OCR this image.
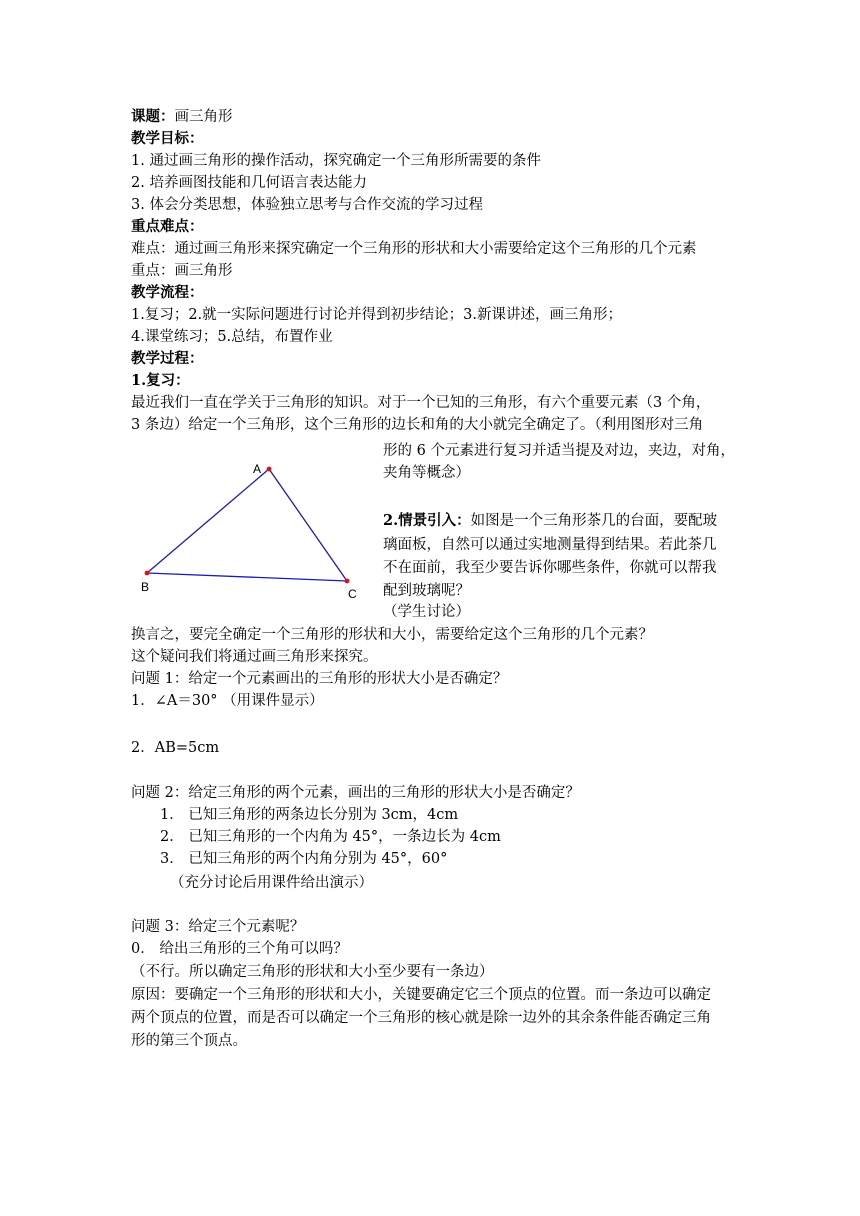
课题：画三角形
教学目标：
1. 通过画三角形的操作活动，探究确定一个三角形所需要的条件
2. 培养画图技能和几何语言表达能力
3. 体会分类思想，体验独立思考与合作交流的学习过程
重点难点：
难点：通过画三角形来探究确定一个三角形的形状和大小需要给定这个三角形的几个元素
重点：画三角形
教学流程：
1.复习；2.就一实际问题进行讨论并得到初步结论；3.新课讲述，画三角形；
4.课堂练习；5.总结，布置作业
教学过程：
1.复习：
最近我们一直在学关于三角形的知识。对于一个已知的三角形，有六个重要元素（3 个角，
3 条边）给定一个三角形，这个三角形的边长和角的大小就完全确定了。（利用图形对三角
形的 6 个元素进行复习并适当提及对边，夹边，对角，
夹角等概念）
2.情景引入：如图是一个三角形茶几的台面，要配玻
璃面板，自然可以通过实地测量得到结果。若此茶几
不在面前，我至少要告诉你哪些条件，你就可以帮我
配到玻璃呢？
（学生讨论）
A
B	C
换言之，要完全确定一个三角形的形状和大小，需要给定这个三角形的几个元素？
这个疑问我们将通过画三角形来探究。
问题 1：给定一个元素画出的三角形的形状大小是否确定？
1．∠A＝30° （用课件显示）
2．AB=5cm
问题 2：给定三角形的两个元素，画出的三角形的形状大小是否确定？
1． 已知三角形的两条边长分别为 3cm，4cm
2． 已知三角形的一个内角为 45°，一条边长为 4cm
3． 已知三角形的两个内角分别为 45°，60°
（充分讨论后用课件给出演示）
问题 3：给定三个元素呢？
0． 给出三角形的三个角可以吗？
（不行。所以确定三角形的形状和大小至少要有一条边）
原因：要确定一个三角形的形状和大小，关键要确定它三个顶点的位置。而一条边可以确定
两个顶点的位置，而是否可以确定一个三角形的核心就是除一边外的其余条件能否确定三角
形的第三个顶点。
